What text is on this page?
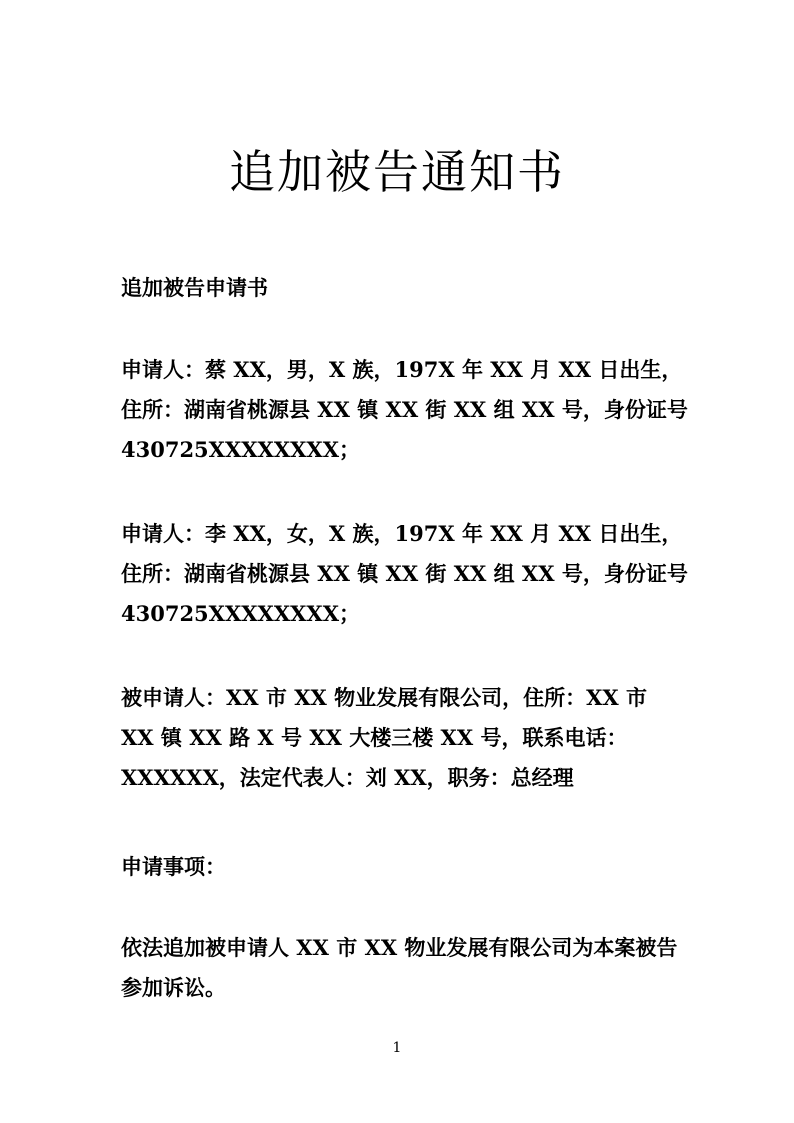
追加被告通知书
追加被告申请书
申请人：蔡 XX，男，X 族，197X 年 XX 月 XX 日出生，
住所：湖南省桃源县 XX 镇 XX 街 XX 组 XX 号，身份证号
430725XXXXXXXX；
申请人：李 XX，女，X 族，197X 年 XX 月 XX 日出生，
住所：湖南省桃源县 XX 镇 XX 街 XX 组 XX 号，身份证号
430725XXXXXXXX；
被申请人：XX 市 XX 物业发展有限公司，住所：XX 市
XX 镇 XX 路 X 号 XX 大楼三楼 XX 号，联系电话：
XXXXXX，法定代表人：刘 XX，职务：总经理
申请事项：
依法追加被申请人 XX 市 XX 物业发展有限公司为本案被告
参加诉讼。
1
